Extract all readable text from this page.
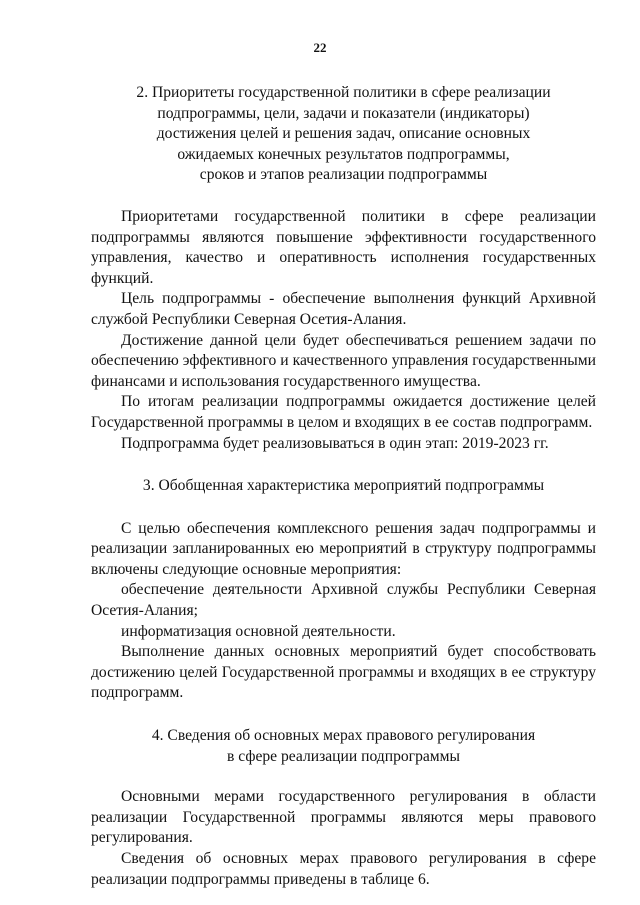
22
2. Приоритеты государственной политики в сфере реализации
подпрограммы, цели, задачи и показатели (индикаторы)
достижения целей и решения задач, описание основных
ожидаемых конечных результатов подпрограммы,
сроков и этапов реализации подпрограммы

Приоритетами государственной политики в сфере реализации подпрограммы являются повышение эффективности государственного управления, качество и оперативность исполнения государственных функций.

Цель подпрограммы - обеспечение выполнения функций Архивной службой Республики Северная Осетия-Алания.

Достижение данной цели будет обеспечиваться решением задачи по обеспечению эффективного и качественного управления государственными финансами и использования государственного имущества.

По итогам реализации подпрограммы ожидается достижение целей Государственной программы в целом и входящих в ее состав подпрограмм.

Подпрограмма будет реализовываться в один этап: 2019-2023 гг.

3. Обобщенная характеристика мероприятий подпрограммы

С целью обеспечения комплексного решения задач подпрограммы и реализации запланированных ею мероприятий в структуру подпрограммы включены следующие основные мероприятия:

обеспечение деятельности Архивной службы Республики Северная Осетия-Алания;

информатизация основной деятельности.

Выполнение данных основных мероприятий будет способствовать достижению целей Государственной программы и входящих в ее структуру подпрограмм.

4. Сведения об основных мерах правового регулирования
в сфере реализации подпрограммы

Основными мерами государственного регулирования в области реализации Государственной программы являются меры правового регулирования.

Сведения об основных мерах правового регулирования в сфере реализации подпрограммы приведены в таблице 6.
